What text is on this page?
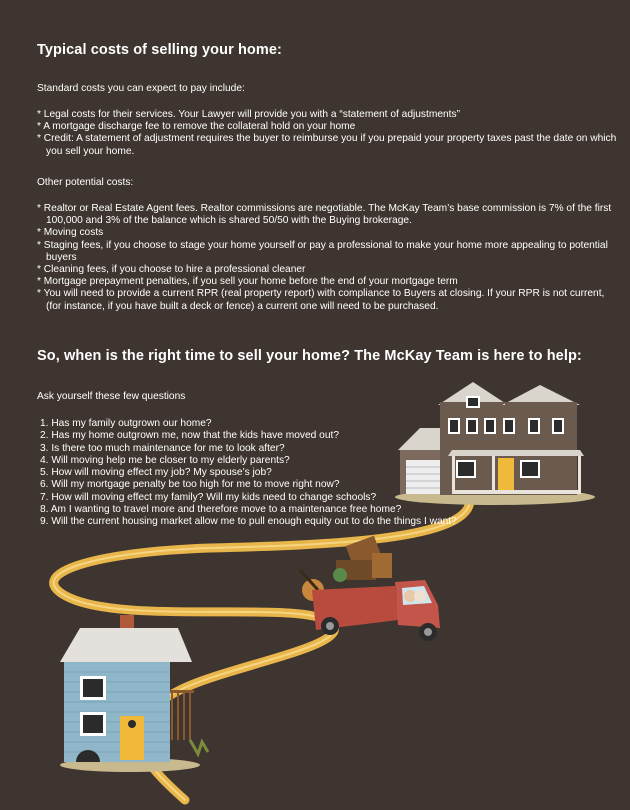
Typical costs of selling your home:

Standard costs you can expect to pay include:

* Legal costs for their services. Your Lawyer will provide you with a “statement of adjustments”
* A mortgage discharge fee to remove the collateral hold on your home
* Credit: A statement of adjustment requires the buyer to reimburse you if you prepaid your property taxes past the date on which you sell your home.

Other potential costs:

* Realtor or Real Estate Agent fees. Realtor commissions are negotiable. The McKay Team’s base commission is 7% of the first 100,000 and 3% of the balance which is shared 50/50 with the Buying brokerage.
* Moving costs
* Staging fees, if you choose to stage your home yourself or pay a professional to make your home more appealing to potential buyers
* Cleaning fees, if you choose to hire a professional cleaner
* Mortgage prepayment penalties, if you sell your home before the end of your mortgage term
* You will need to provide a current RPR (real property report) with compliance to Buyers at closing. If your RPR is not current, (for instance, if you have built a deck or fence) a current one will need to be purchased.
So, when is the right time to sell your home? The McKay Team is here to help:

Ask yourself these few questions

1. Has my family outgrown our home?
2. Has my home outgrown me, now that the kids have moved out?
3. Is there too much maintenance for me to look after?
4. Will moving help me be closer to my elderly parents?
5. How will moving effect my job? My spouse’s job?
6. Will my mortgage penalty be too high for me to move right now?
7. How will moving effect my family? Will my kids need to change schools?
8. Am I wanting to travel more and therefore move to a maintenance free home?
9. Will the current housing market allow me to pull enough equity out to do the things I want?
